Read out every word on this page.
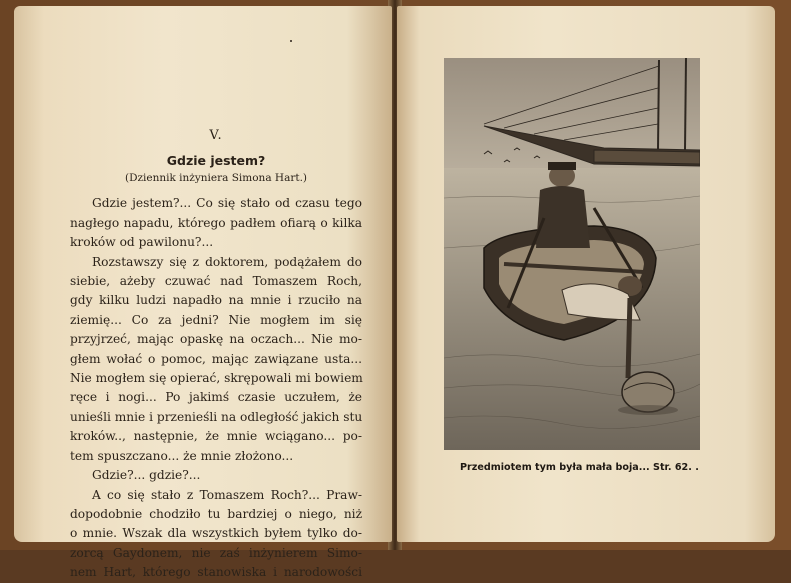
V.
Gdzie jestem?
(Dziennik inżyniera Simona Hart.)
Gdzie jestem?... Co się stało od czasu tego
nagłego napadu, którego padłem ofiarą o kilka
kroków od pawilonu?...
Rozstawszy się z doktorem, podążałem do
siebie, ażeby czuwać nad Tomaszem Roch,
gdy kilku ludzi napadło na mnie i rzuciło na
ziemię... Co za jedni? Nie mogłem im się
przyjrzeć, mając opaskę na oczach... Nie mo-
głem wołać o pomoc, mając zawiązane usta...
Nie mogłem się opierać, skrępowali mi bowiem
ręce i nogi... Po jakimś czasie uczułem, że
unieśli mnie i przenieśli na odległość jakich stu
kroków.., następnie, że mnie wciągano... po-
tem spuszczano... że mnie złożono...
Gdzie?... gdzie?...
A co się stało z Tomaszem Roch?... Praw-
dopodobnie chodziło tu bardziej o niego, niż
o mnie. Wszak dla wszystkich byłem tylko do-
zorcą Gaydonem, nie zaś inżynierem Simo-
nem Hart, którego stanowiska i narodowości
Przedmiotem tym była mała boja... Str. 62. .
